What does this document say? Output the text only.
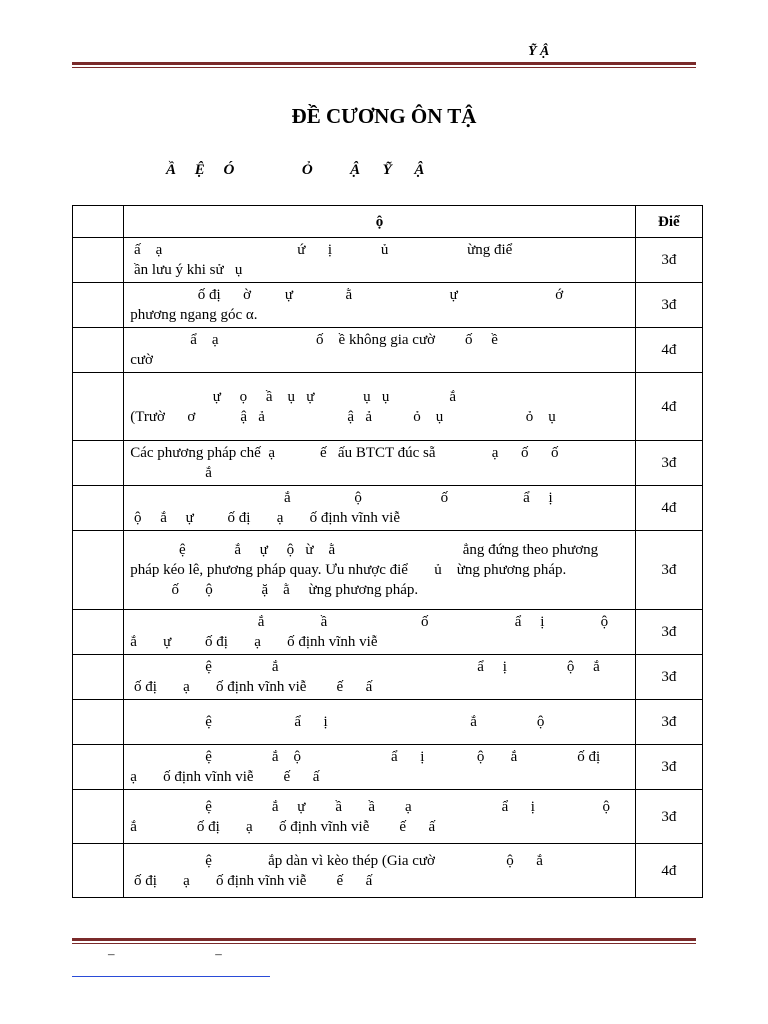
Ỹ Ậ
ĐỀ CƯƠNG ÔN TẬ
Ầ     Ệ     Ó                  Ỏ          Ậ      Ỹ      Ậ
	ộ	Điể
	ấ    ạ                                    ứ      ị             ủ                     ừng điể
ần lưu ý khi sử   ụ	3đ
	ố đị      ờ         ự              ằ                          ự                          ớ
phương ngang góc α.	3đ
	ẩ    ạ                          ố    ề không gia cườ        ố     ề
cườ	4đ
	ự     ọ     ầ    ụ   ự             ụ   ụ                ắ
(Trườ      ơ            ậ   ả                      ậ   ả           ỏ    ụ                      ỏ    ụ	4đ
	Các phương pháp chế  ạ            ế   ấu BTCT đúc sẵ               ạ      ố      ố
ắ	3đ
	ắ                 ộ                     ố                    ẩ     ị
ộ     ắ     ự         ố đị       ạ       ố định vĩnh viễ	4đ
	ệ             ắ     ự     ộ   ừ    ằ                                  ẳng đứng theo phương
pháp kéo lê, phương pháp quay. Ưu nhược điể       ủ    ừng phương pháp.
ố       ộ             ặ    ằ     ừng phương pháp.	3đ
	ắ               ầ                         ố                       ẩ     ị               ộ
ắ       ự         ố đị       ạ       ố định vĩnh viễ	3đ
	ệ                ắ                                                     ẩ     ị                ộ     ắ
ố đị       ạ       ố định vĩnh viễ        ế      ấ	3đ
	ệ                      ẩ      ị                                      ắ                ộ	3đ
	ệ                ắ    ộ                        ẩ      ị              ộ       ắ                ố đị
ạ       ố định vĩnh viễ        ế      ấ	3đ
	ệ                ắ     ự        ầ       ầ        ạ                        ẩ      ị                  ộ
ắ                ố đị       ạ       ố định vĩnh viễ        ế      ấ	3đ
	ệ               ắp dàn vì kèo thép (Gia cườ                   ộ      ắ
ố đị       ạ       ố định vĩnh viễ        ế      ấ	4đ
–                               –
